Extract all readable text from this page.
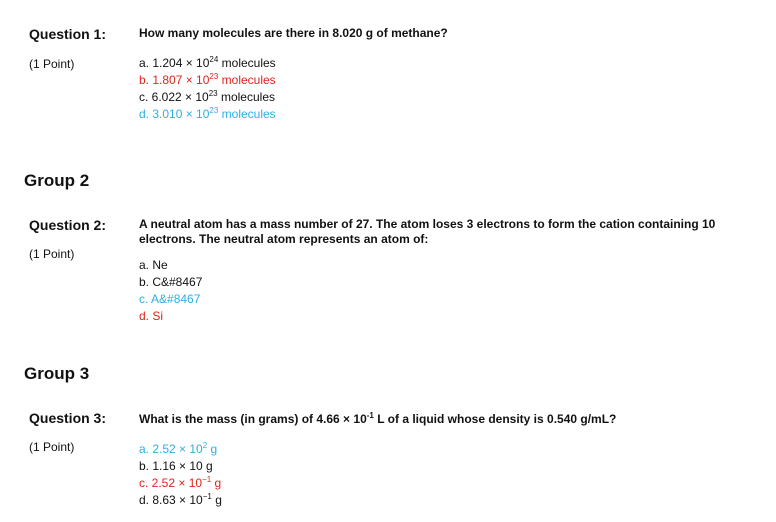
Question 1:	How many molecules are there in 8.020 g of methane?
(1 Point)	a. $1.204 \times 10^{24}$ molecules
b. $1.807 \times 10^{23}$ molecules
c. $6.022 \times 10^{23}$ molecules
d. $3.010 \times 10^{23}$ molecules
Group 2
Question 2:	A neutral atom has a mass number of 27. The atom loses 3 electrons to form the cation containing 10
electrons. The neutral atom represents an atom of:
(1 Point)
a. Ne
b. C&#8467
c. A&#8467
d. Si
Group 3
Question 3:	What is the mass (in grams) of $4.66 \times 10^{-1}$ L of a liquid whose density is 0.540 g/mL?
(1 Point)	a. $2.52 \times 10^2$ g
b. 1.16 × 10 g
c. $2.52 \times 10^{-1}$ g
d. $8.63 \times 10^{-1}$ g
